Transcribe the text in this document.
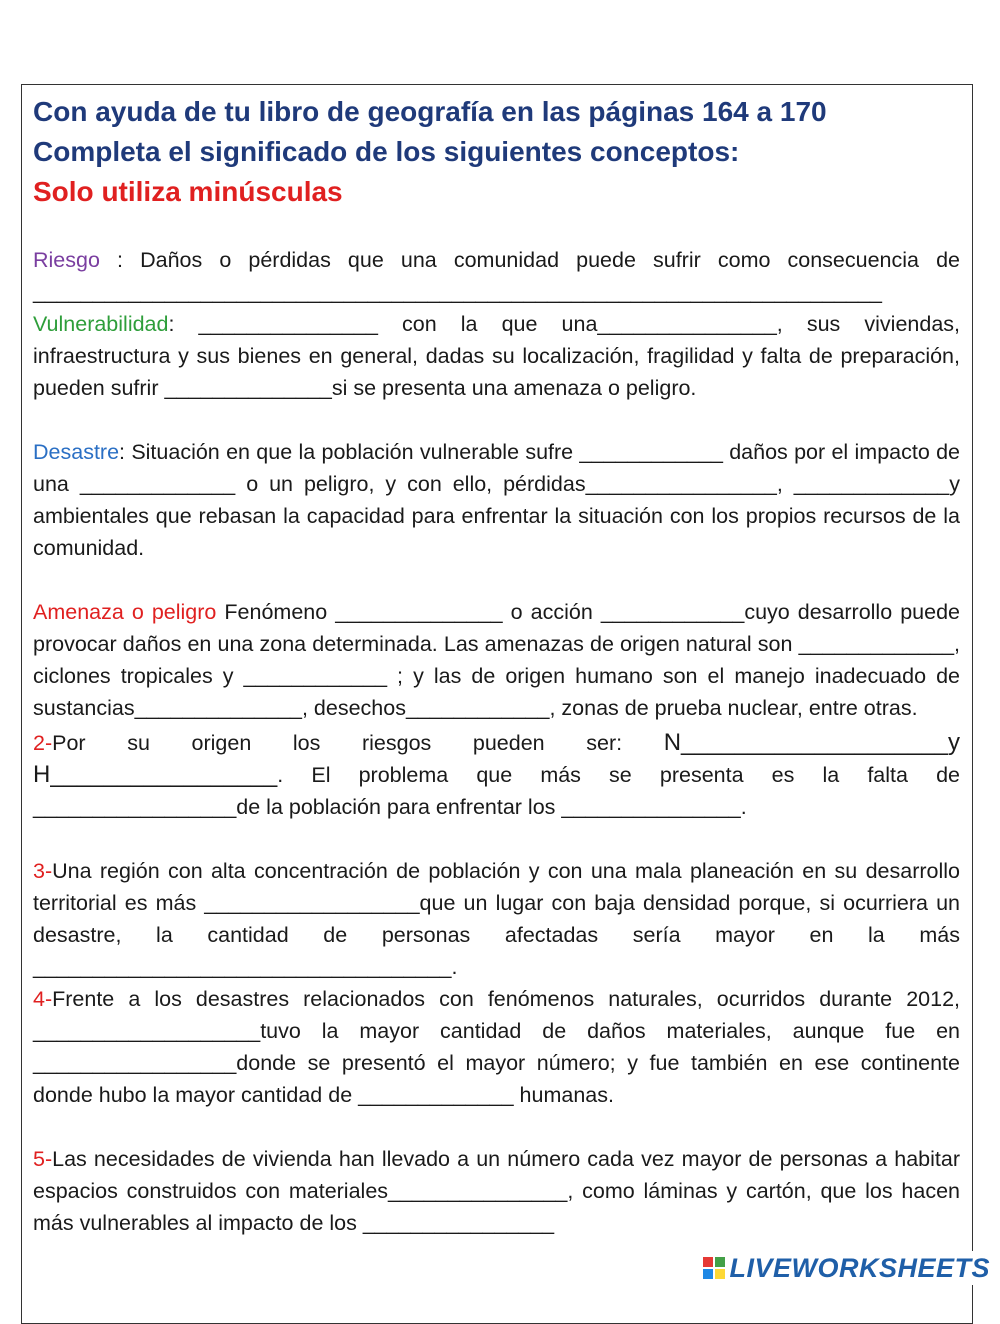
Con ayuda de tu libro de geografía en las páginas 164 a 170 Completa el significado de los siguientes conceptos:
Solo utiliza minúsculas

Riesgo : Daños o pérdidas que una comunidad puede sufrir como consecuencia de

_______________________________________________________________________

Vulnerabilidad: _______________ con la que una_______________, sus viviendas, infraestructura y sus bienes en general, dadas su localización, fragilidad y falta de preparación, pueden sufrir ______________si se presenta una amenaza o peligro.

Desastre: Situación en que la población vulnerable sufre ____________ daños por el impacto de una _____________ o un peligro, y con ello, pérdidas________________, _____________y ambientales que rebasan la capacidad para enfrentar la situación con los propios recursos de la comunidad.

Amenaza o peligro Fenómeno ______________ o acción ____________cuyo desarrollo puede provocar daños en una zona determinada. Las amenazas de origen natural son _____________, ciclones tropicales y ____________ ; y las de origen humano son el manejo inadecuado de sustancias______________, desechos____________, zonas de prueba nuclear, entre otras.

2-Por su origen los riesgos pueden ser: N____________________y H_________________. El problema que más se presenta es la falta de _________________de la población para enfrentar los _______________.

3-Una región con alta concentración de población y con una mala planeación en su desarrollo territorial es más __________________que un lugar con baja densidad porque, si ocurriera un desastre, la cantidad de personas afectadas sería mayor en la más ___________________________________.

4-Frente a los desastres relacionados con fenómenos naturales, ocurridos durante 2012, ___________________tuvo la mayor cantidad de daños materiales, aunque fue en _________________donde se presentó el mayor número; y fue también en ese continente donde hubo la mayor cantidad de _____________ humanas.

5-Las necesidades de vivienda han llevado a un número cada vez mayor de personas a habitar espacios construidos con materiales_______________, como láminas y cartón, que los hacen más vulnerables al impacto de los ________________

LIVEWORKSHEETS
